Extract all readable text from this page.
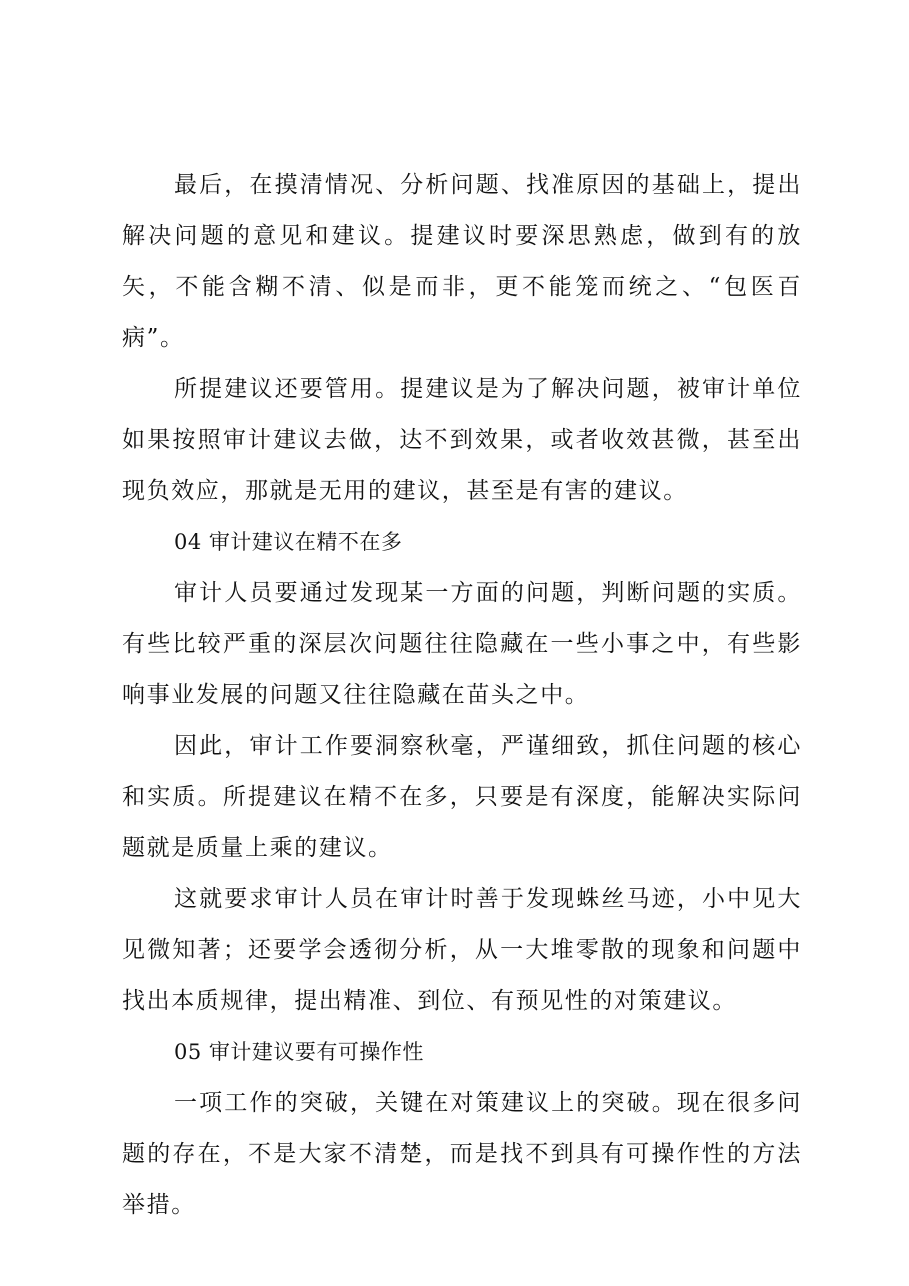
最后，在摸清情况、分析问题、找准原因的基础上，提出解决问题的意见和建议。提建议时要深思熟虑，做到有的放矢，不能含糊不清、似是而非，更不能笼而统之、“包医百病”。

所提建议还要管用。提建议是为了解决问题，被审计单位如果按照审计建议去做，达不到效果，或者收效甚微，甚至出现负效应，那就是无用的建议，甚至是有害的建议。

04 审计建议在精不在多

审计人员要通过发现某一方面的问题，判断问题的实质。有些比较严重的深层次问题往往隐藏在一些小事之中，有些影响事业发展的问题又往往隐藏在苗头之中。

因此，审计工作要洞察秋毫，严谨细致，抓住问题的核心和实质。所提建议在精不在多，只要是有深度，能解决实际问题就是质量上乘的建议。

这就要求审计人员在审计时善于发现蛛丝马迹，小中见大见微知著；还要学会透彻分析，从一大堆零散的现象和问题中找出本质规律，提出精准、到位、有预见性的对策建议。

05 审计建议要有可操作性

一项工作的突破，关键在对策建议上的突破。现在很多问题的存在，不是大家不清楚，而是找不到具有可操作性的方法举措。
